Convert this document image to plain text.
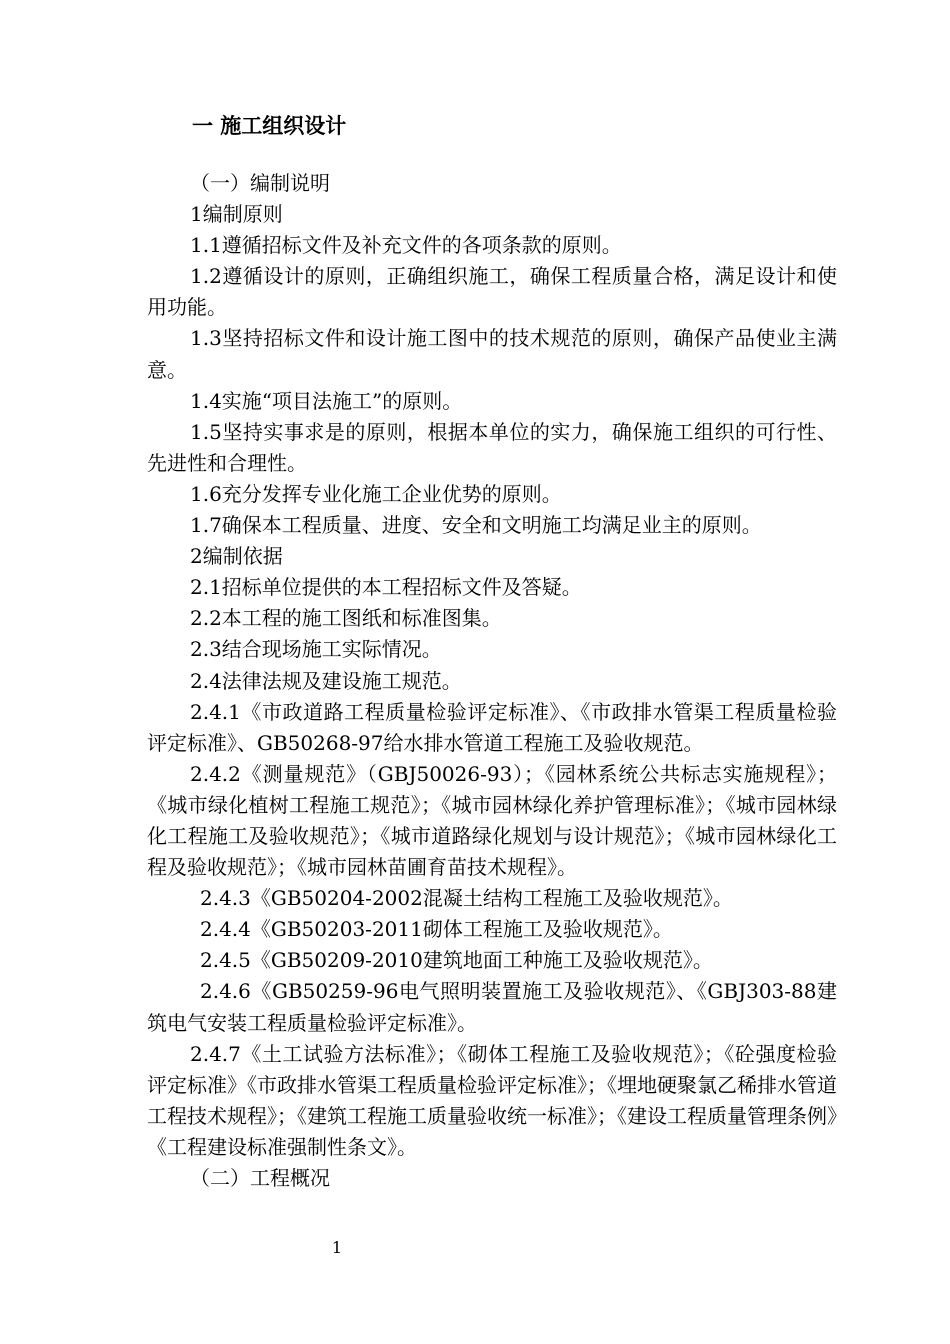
一 施工组织设计

（一）编制说明

1编制原则

1.1遵循招标文件及补充文件的各项条款的原则。

1.2遵循设计的原则，正确组织施工，确保工程质量合格，满足设计和使用功能。

1.3坚持招标文件和设计施工图中的技术规范的原则，确保产品使业主满意。

1.4实施“项目法施工”的原则。

1.5坚持实事求是的原则，根据本单位的实力，确保施工组织的可行性、先进性和合理性。

1.6充分发挥专业化施工企业优势的原则。

1.7确保本工程质量、进度、安全和文明施工均满足业主的原则。

2编制依据

2.1招标单位提供的本工程招标文件及答疑。

2.2本工程的施工图纸和标准图集。

2.3结合现场施工实际情况。

2.4法律法规及建设施工规范。

2.4.1《市政道路工程质量检验评定标准》、《市政排水管渠工程质量检验评定标准》、GB50268-97给水排水管道工程施工及验收规范。

2.4.2《测量规范》（GBJ50026-93）；《园林系统公共标志实施规程》；《城市绿化植树工程施工规范》；《城市园林绿化养护管理标准》；《城市园林绿化工程施工及验收规范》；《城市道路绿化规划与设计规范》；《城市园林绿化工程及验收规范》；《城市园林苗圃育苗技术规程》。

2.4.3《GB50204-2002混凝土结构工程施工及验收规范》。

2.4.4《GB50203-2011砌体工程施工及验收规范》。

2.4.5《GB50209-2010建筑地面工种施工及验收规范》。

2.4.6《GB50259-96电气照明装置施工及验收规范》、《GBJ303-88建筑电气安装工程质量检验评定标准》。

2.4.7《土工试验方法标准》；《砌体工程施工及验收规范》；《砼强度检验评定标准》《市政排水管渠工程质量检验评定标准》；《埋地硬聚氯乙稀排水管道工程技术规程》；《建筑工程施工质量验收统一标准》；《建设工程质量管理条例》《工程建设标准强制性条文》。

（二）工程概况

1
